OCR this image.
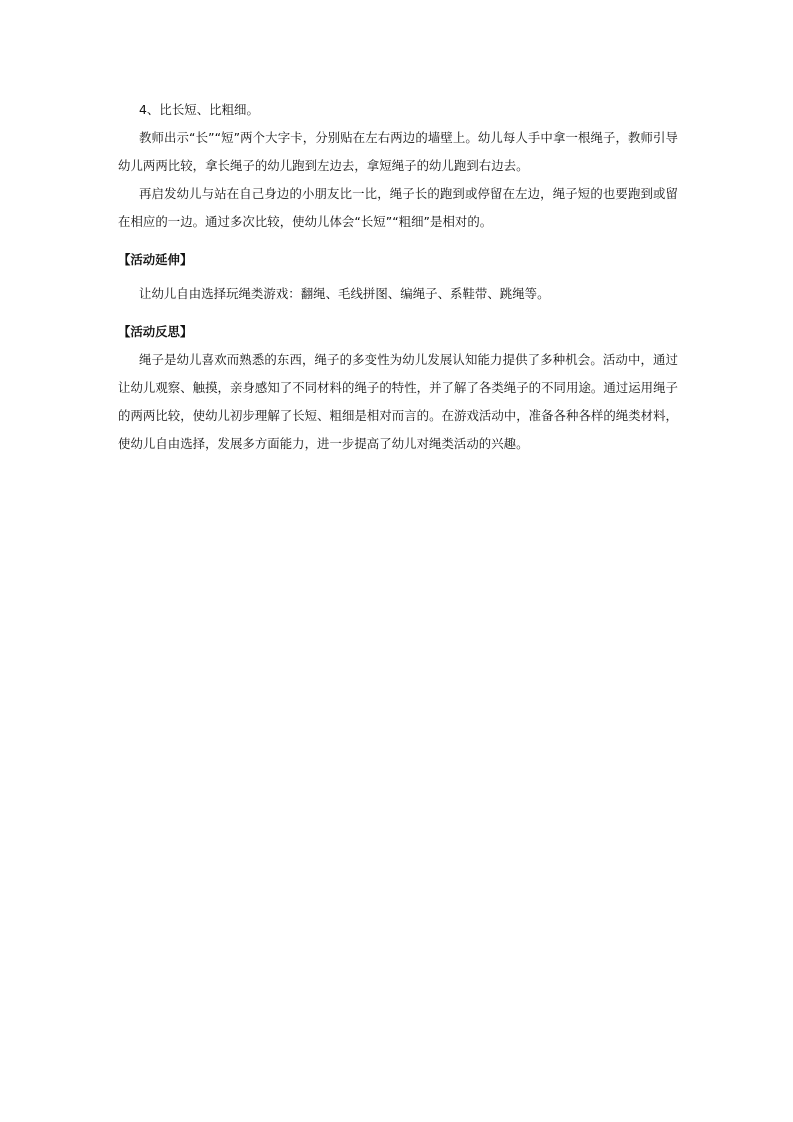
4、比长短、比粗细。

教师出示“长”“短”两个大字卡，分别贴在左右两边的墙壁上。幼儿每人手中拿一根绳子，教师引导幼儿两两比较，拿长绳子的幼儿跑到左边去，拿短绳子的幼儿跑到右边去。

再启发幼儿与站在自己身边的小朋友比一比，绳子长的跑到或停留在左边，绳子短的也要跑到或留在相应的一边。通过多次比较，使幼儿体会“长短”“粗细”是相对的。

【活动延伸】

让幼儿自由选择玩绳类游戏：翻绳、毛线拼图、编绳子、系鞋带、跳绳等。

【活动反思】

绳子是幼儿喜欢而熟悉的东西，绳子的多变性为幼儿发展认知能力提供了多种机会。活动中，通过让幼儿观察、触摸，亲身感知了不同材料的绳子的特性，并了解了各类绳子的不同用途。通过运用绳子的两两比较，使幼儿初步理解了长短、粗细是相对而言的。在游戏活动中，准备各种各样的绳类材料，使幼儿自由选择，发展多方面能力，进一步提高了幼儿对绳类活动的兴趣。
